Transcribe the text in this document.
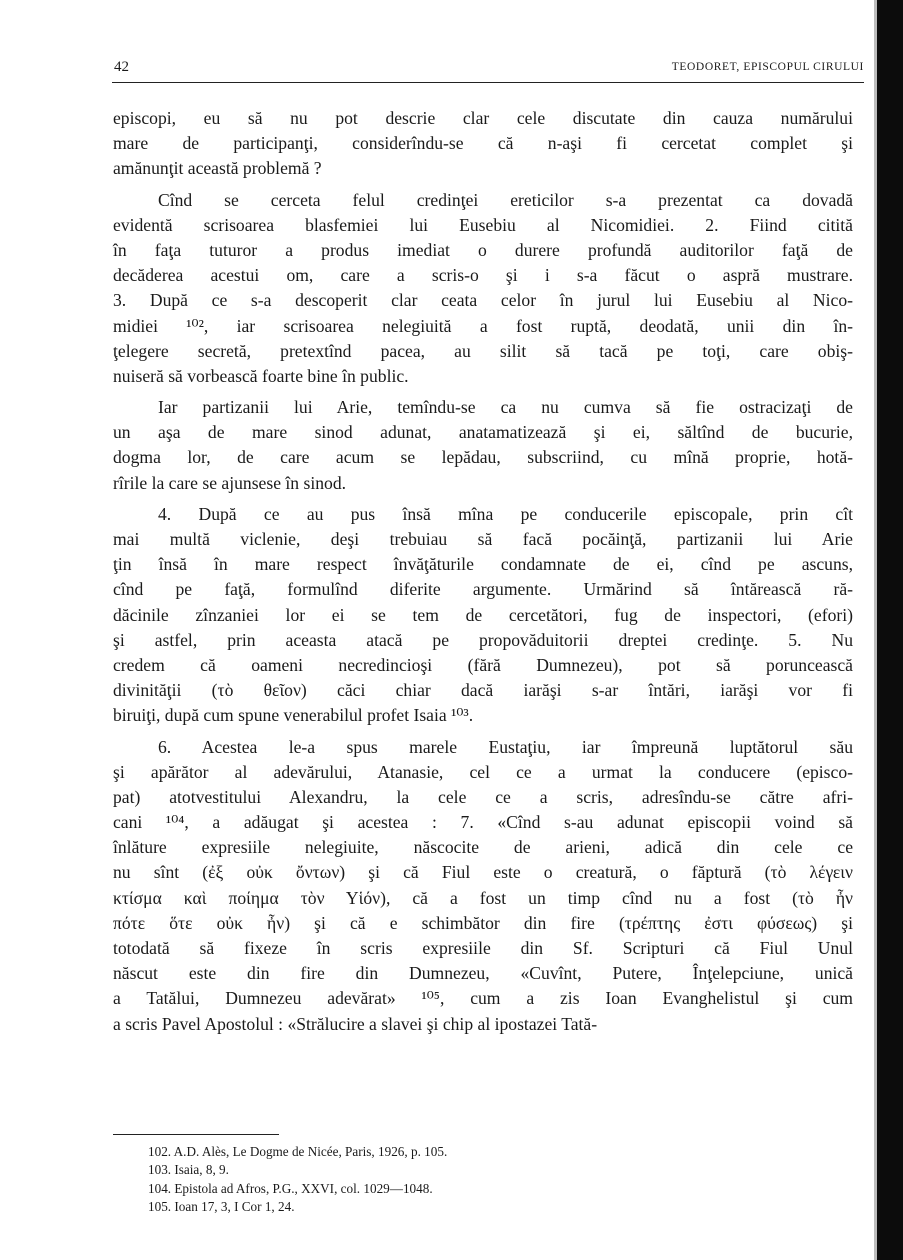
42	TEODORET, EPISCOPUL CIRULUI
episcopi, eu să nu pot descrie clar cele discutate din cauza numărului
mare de participanţi, considerîndu-se că n-aşi fi cercetat complet şi
amănunţit această problemă ?
Cînd se cerceta felul credinţei ereticilor s-a prezentat ca dovadă
evidentă scrisoarea blasfemiei lui Eusebiu al Nicomidiei. 2. Fiind citită
în faţa tuturor a produs imediat o durere profundă auditorilor faţă de
decăderea acestui om, care a scris-o şi i s-a făcut o aspră mustrare.
3. După ce s-a descoperit clar ceata celor în jurul lui Eusebiu al Nico-
midiei ¹⁰², iar scrisoarea nelegiuită a fost ruptă, deodată, unii din în-
ţelegere secretă, pretextînd pacea, au silit să tacă pe toţi, care obiş-
nuiseră să vorbească foarte bine în public.
Iar partizanii lui Arie, temîndu-se ca nu cumva să fie ostracizaţi de
un aşa de mare sinod adunat, anatamatizează şi ei, săltînd de bucurie,
dogma lor, de care acum se lepădau, subscriind, cu mînă proprie, hotă-
rîrile la care se ajunsese în sinod.
4. După ce au pus însă mîna pe conducerile episcopale, prin cît
mai multă viclenie, deşi trebuiau să facă pocăinţă, partizanii lui Arie
ţin însă în mare respect învăţăturile condamnate de ei, cînd pe ascuns,
cînd pe faţă, formulînd diferite argumente. Urmărind să întărească ră-
dăcinile zînzaniei lor ei se tem de cercetători, fug de inspectori, (efori)
şi astfel, prin aceasta atacă pe propovăduitorii dreptei credinţe. 5. Nu
credem că oameni necredincioşi (fără Dumnezeu), pot să poruncească
divinităţii (τὸ θεῖον) căci chiar dacă iarăşi s-ar întări, iarăşi vor fi
biruiţi, după cum spune venerabilul profet Isaia ¹⁰³.
6. Acestea le-a spus marele Eustaţiu, iar împreună luptătorul său
şi apărător al adevărului, Atanasie, cel ce a urmat la conducere (episco-
pat) atotvestitului Alexandru, la cele ce a scris, adresîndu-se către afri-
cani ¹⁰⁴, a adăugat şi acestea : 7. «Cînd s-au adunat episcopii voind să
înlăture expresiile nelegiuite, născocite de arieni, adică din cele ce
nu sînt (ἐξ οὐκ ὄντων) şi că Fiul este o creatură, o făptură (τὸ λέγειν
κτίσμα καὶ ποίημα τὸν Υἱόν), că a fost un timp cînd nu a fost (τὸ ἦν
πότε ὅτε οὐκ ἦν) şi că e schimbător din fire (τρέπτης ἐστι φύσεως) şi
totodată să fixeze în scris expresiile din Sf. Scripturi că Fiul Unul
născut este din fire din Dumnezeu, «Cuvînt, Putere, Înţelepciune, unică
a Tatălui, Dumnezeu adevărat» ¹⁰⁵, cum a zis Ioan Evanghelistul şi cum
a scris Pavel Apostolul : «Strălucire a slavei şi chip al ipostazei Tată-
102. A.D. Alès, Le Dogme de Nicée, Paris, 1926, p. 105.
103. Isaia, 8, 9.
104. Epistola ad Afros, P.G., XXVI, col. 1029—1048.
105. Ioan 17, 3, I Cor 1, 24.
